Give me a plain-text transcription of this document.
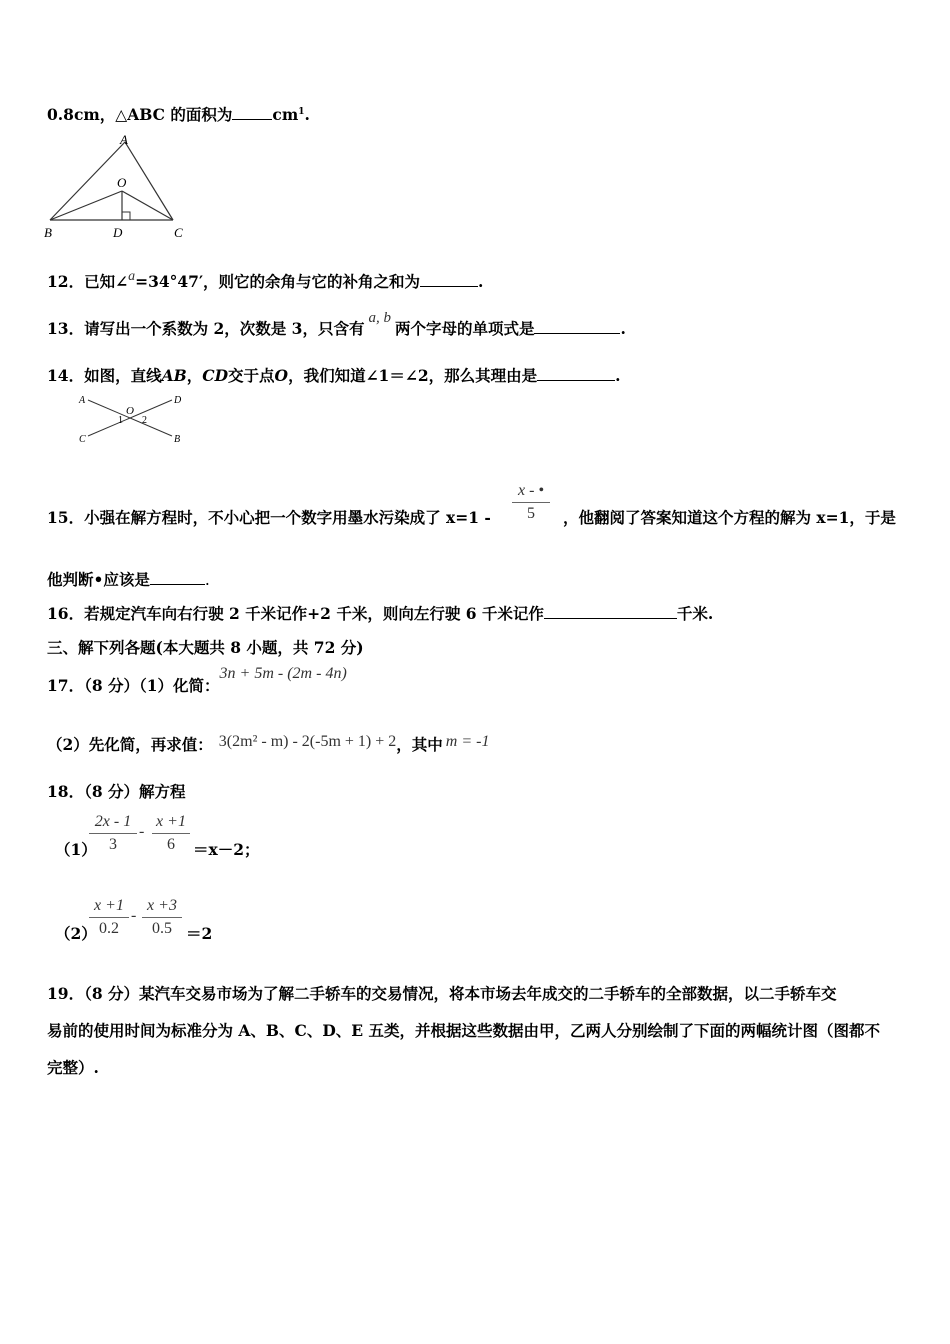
0.8cm，△ABC 的面积为	$cm^1$.
A
O
B	D	C
12．已知∠a=34°47′，则它的余角与它的补角之和为	.
13．请写出一个系数为 2，次数是 3，只含有a, b两个字母的单项式是	.
14．如图，直线AB，CD交于点O，我们知道∠1＝∠2，那么其理由是	.
A	D
O
1 2
C	B
15．小强在解方程时，不小心把一个数字用墨水污染成了 x=1 -
x - •
5	，他翻阅了答案知道这个方程的解为 x=1，于是
他判断•应该是	.
16．若规定汽车向右行驶 2 千米记作+2 千米，则向左行驶 6 千米记作	千米.
三、解下列各题(本大题共 8 小题，共 72 分)
17．（8 分）（1）化简：3n + 5m - (2m - 4n)
（2）先化简，再求值： 3(2m² - m) - 2(-5m + 1) + 2，其中 m = -1
18．（8 分）解方程
（1）
2x - 1
3
-
x +1
6	＝x－2；
（2）
x +1
0.2
-
x +3
0.5 ＝2
19．（8 分）某汽车交易市场为了解二手轿车的交易情况，将本市场去年成交的二手轿车的全部数据，以二手轿车交
易前的使用时间为标准分为 A、B、C、D、E 五类，并根据这些数据由甲，乙两人分别绘制了下面的两幅统计图（图都不
完整）.
